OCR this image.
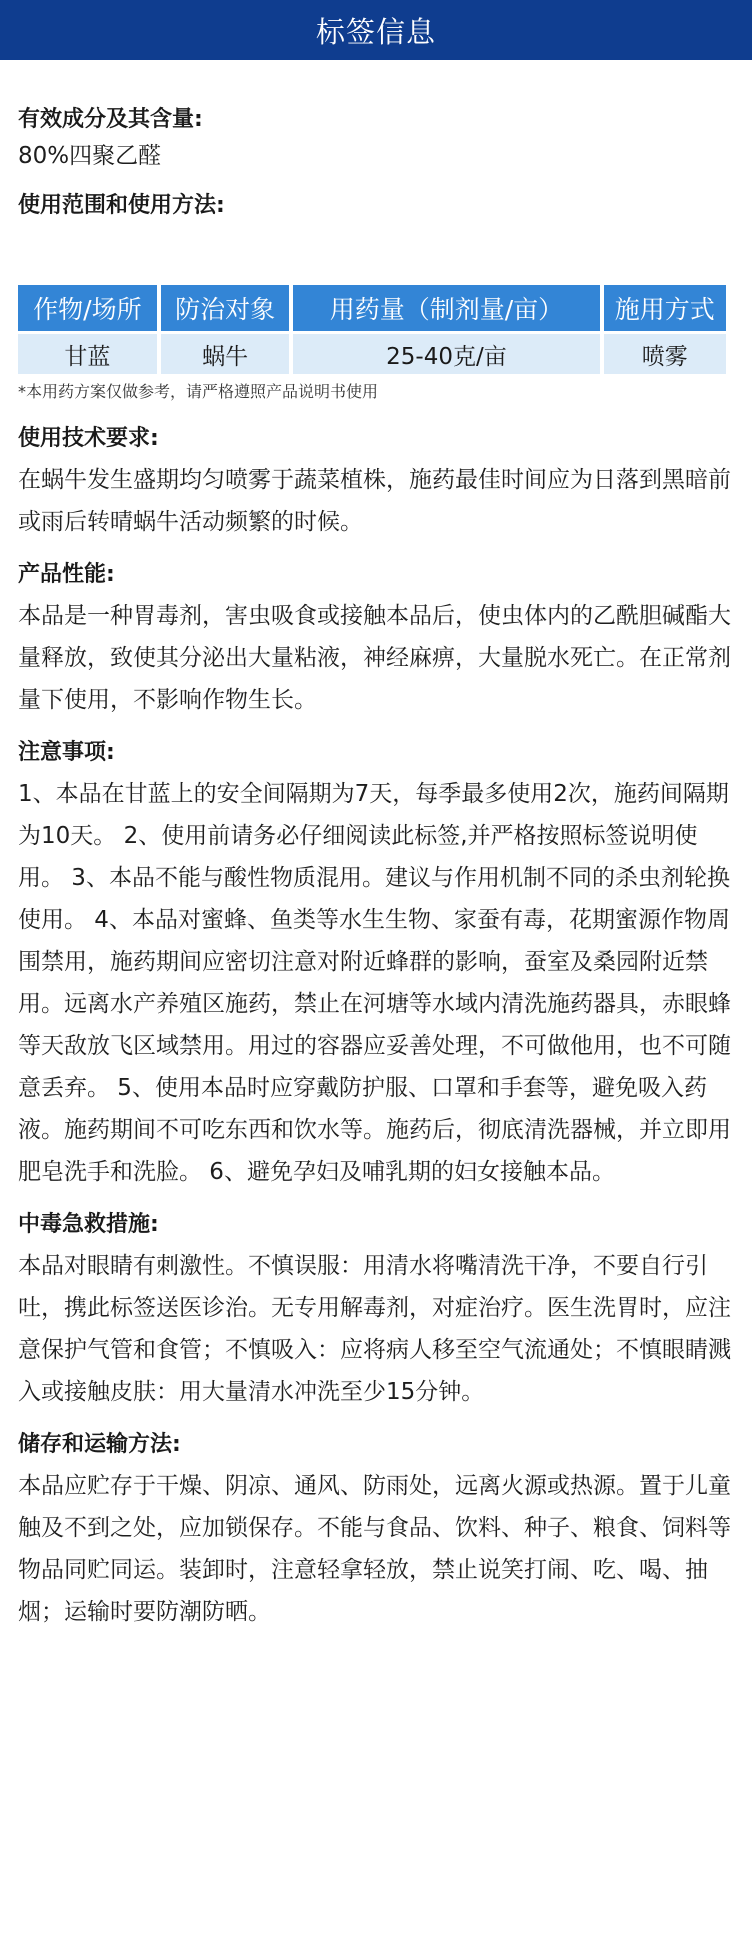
标签信息
有效成分及其含量:
80%四聚乙醛
使用范围和使用方法:
作物/场所	防治对象	用药量（制剂量/亩）	施用方式
甘蓝	蜗牛	25-40克/亩	喷雾
*本用药方案仅做参考，请严格遵照产品说明书使用
使用技术要求:
在蜗牛发生盛期均匀喷雾于蔬菜植株，施药最佳时间应为日落到黑暗前或雨后转晴蜗牛活动频繁的时候。
产品性能:
本品是一种胃毒剂，害虫吸食或接触本品后，使虫体内的乙酰胆碱酯大量释放，致使其分泌出大量粘液，神经麻痹，大量脱水死亡。在正常剂量下使用，不影响作物生长。
注意事项:
1、本品在甘蓝上的安全间隔期为7天，每季最多使用2次，施药间隔期为10天。 2、使用前请务必仔细阅读此标签,并严格按照标签说明使用。 3、本品不能与酸性物质混用。建议与作用机制不同的杀虫剂轮换使用。 4、本品对蜜蜂、鱼类等水生生物、家蚕有毒，花期蜜源作物周围禁用，施药期间应密切注意对附近蜂群的影响，蚕室及桑园附近禁用。远离水产养殖区施药，禁止在河塘等水域内清洗施药器具，赤眼蜂等天敌放飞区域禁用。用过的容器应妥善处理，不可做他用，也不可随意丢弃。 5、使用本品时应穿戴防护服、口罩和手套等，避免吸入药液。施药期间不可吃东西和饮水等。施药后，彻底清洗器械，并立即用肥皂洗手和洗脸。 6、避免孕妇及哺乳期的妇女接触本品。
中毒急救措施:
本品对眼睛有刺激性。不慎误服：用清水将嘴清洗干净，不要自行引吐，携此标签送医诊治。无专用解毒剂，对症治疗。医生洗胃时，应注意保护气管和食管；不慎吸入：应将病人移至空气流通处；不慎眼睛溅入或接触皮肤：用大量清水冲洗至少15分钟。
储存和运输方法:
本品应贮存于干燥、阴凉、通风、防雨处，远离火源或热源。置于儿童触及不到之处，应加锁保存。不能与食品、饮料、种子、粮食、饲料等物品同贮同运。装卸时，注意轻拿轻放，禁止说笑打闹、吃、喝、抽烟；运输时要防潮防晒。
